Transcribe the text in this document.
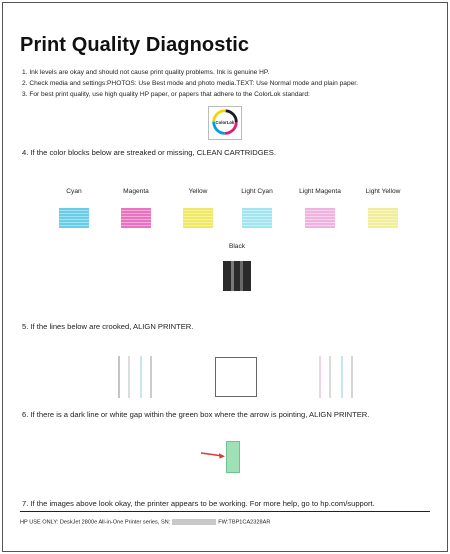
Print Quality Diagnostic
1. Ink levels are okay and should not cause print quality problems. Ink is genuine HP.
2. Check media and settings:PHOTOS: Use Best mode and photo media.TEXT: Use Normal mode and plain paper.
3. For best print quality, use high quality HP paper, or papers that adhere to the ColorLok standard:
ColorLok
4. If the color blocks below are streaked or missing, CLEAN CARTRIDGES.
Cyan	Magenta	Yellow	Light Cyan	Light Magenta	Light Yellow
Black
5. If the lines below are crooked, ALIGN PRINTER.
6. If there is a dark line or white gap within the green box where the arrow is pointing, ALIGN PRINTER.
7. If the images above look okay, the printer appears to be working. For more help, go to hp.com/support.
HP USE ONLY: DeskJet 2800e All-in-One Printer series, SN:	FW:TBP1CA2328AR
